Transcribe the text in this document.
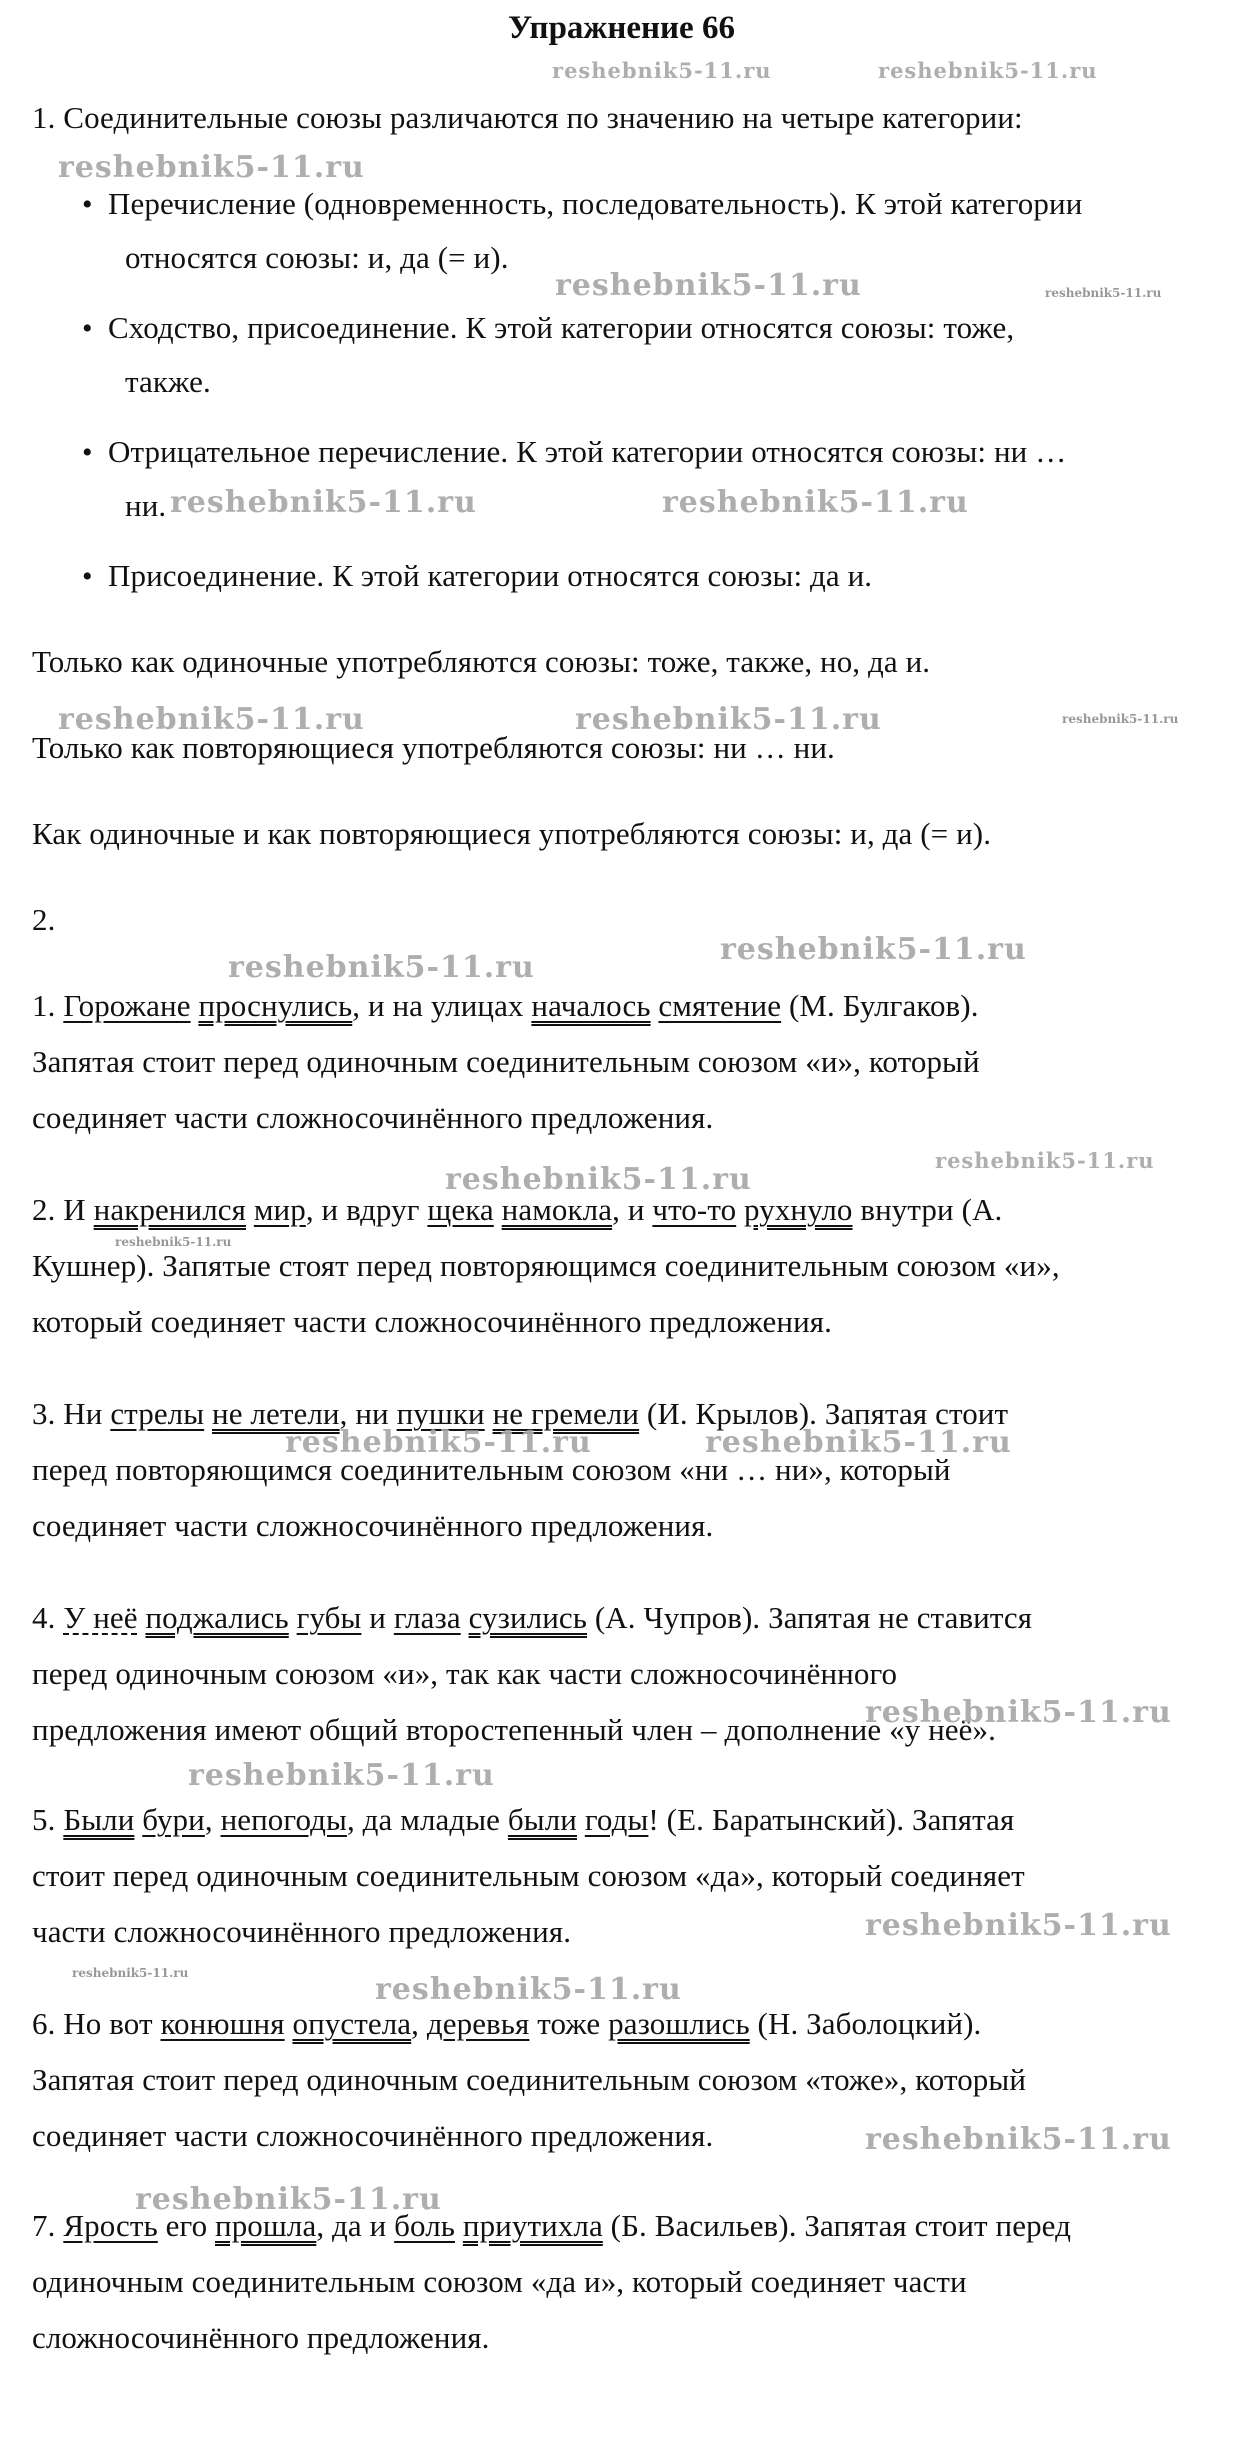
Упражнение 66
1. Соединительные союзы различаются по значению на четыре категории:
• Перечисление (одновременность, последовательность). К этой категории
относятся союзы: и, да (= и).
• Сходство, присоединение. К этой категории относятся союзы: тоже,
также.
• Отрицательное перечисление. К этой категории относятся союзы: ни …
ни.
• Присоединение. К этой категории относятся союзы: да и.
Только как одиночные употребляются союзы: тоже, также, но, да и.
Только как повторяющиеся употребляются союзы: ни … ни.
Как одиночные и как повторяющиеся употребляются союзы: и, да (= и).
2.
1. Горожане проснулись, и на улицах началось смятение (М. Булгаков).
Запятая стоит перед одиночным соединительным союзом «и», который
соединяет части сложносочинённого предложения.
2. И накренился мир, и вдруг щека намокла, и что-то рухнуло внутри (А.
Кушнер). Запятые стоят перед повторяющимся соединительным союзом «и»,
который соединяет части сложносочинённого предложения.
3. Ни стрелы не летели, ни пушки не гремели (И. Крылов). Запятая стоит
перед повторяющимся соединительным союзом «ни … ни», который
соединяет части сложносочинённого предложения.
4. У неё поджались губы и глаза сузились (А. Чупров). Запятая не ставится
перед одиночным союзом «и», так как части сложносочинённого
предложения имеют общий второстепенный член – дополнение «у неё».
5. Были бури, непогоды, да младые были годы! (Е. Баратынский). Запятая
стоит перед одиночным соединительным союзом «да», который соединяет
части сложносочинённого предложения.
6. Но вот конюшня опустела, деревья тоже разошлись (Н. Заболоцкий).
Запятая стоит перед одиночным соединительным союзом «тоже», который
соединяет части сложносочинённого предложения.
7. Ярость его прошла, да и боль приутихла (Б. Васильев). Запятая стоит перед
одиночным соединительным союзом «да и», который соединяет части
сложносочинённого предложения.
reshebnik5-11.ru	reshebnik5-11.ru
reshebnik5-11.ru
reshebnik5-11.ru	reshebnik5-11.ru
reshebnik5-11.ru	reshebnik5-11.ru
reshebnik5-11.ru	reshebnik5-11.ru	reshebnik5-11.ru
reshebnik5-11.ru
reshebnik5-11.ru
reshebnik5-11.ru
reshebnik5-11.ru
reshebnik5-11.ru
reshebnik5-11.ru	reshebnik5-11.ru
reshebnik5-11.ru
reshebnik5-11.ru
reshebnik5-11.ru
reshebnik5-11.ru	reshebnik5-11.ru
reshebnik5-11.ru
reshebnik5-11.ru
